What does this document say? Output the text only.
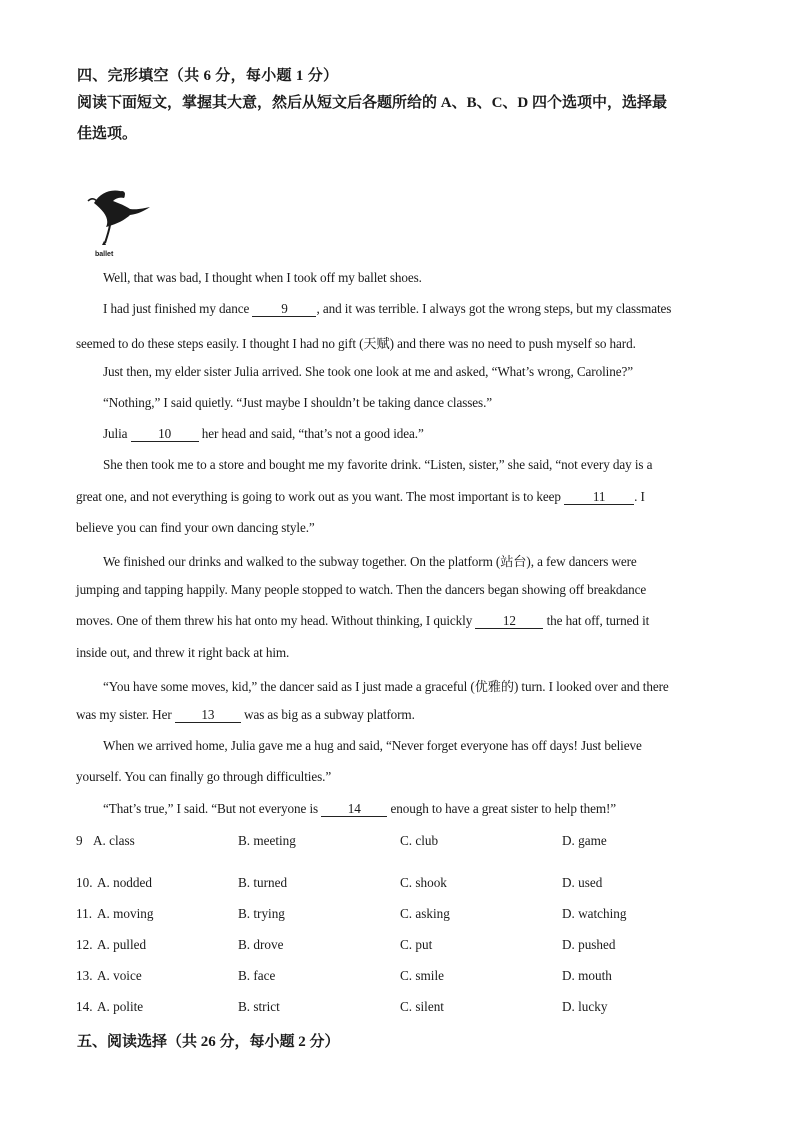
四、完形填空（共 6 分，每小题 1 分）
阅读下面短文，掌握其大意，然后从短文后各题所给的 A、B、C、D 四个选项中，选择最
佳选项。
ballet
Well, that was bad, I thought when I took off my ballet shoes.
I had just finished my dance 9 , and it was terrible. I always got the wrong steps, but my classmates
seemed to do these steps easily. I thought I had no gift (天赋) and there was no need to push myself so hard.
Just then, my elder sister Julia arrived. She took one look at me and asked, “What’s wrong, Caroline?”
“Nothing,” I said quietly. “Just maybe I shouldn’t be taking dance classes.”
Julia 10 her head and said, “that’s not a good idea.”
She then took me to a store and bought me my favorite drink. “Listen, sister,” she said, “not every day is a
great one, and not everything is going to work out as you want. The most important is to keep 11 . I
believe you can find your own dancing style.”
We finished our drinks and walked to the subway together. On the platform (站台), a few dancers were
jumping and tapping happily. Many people stopped to watch. Then the dancers began showing off breakdance
moves. One of them threw his hat onto my head. Without thinking, I quickly 12 the hat off, turned it
inside out, and threw it right back at him.
“You have some moves, kid,” the dancer said as I just made a graceful (优雅的) turn. I looked over and there
was my sister. Her 13 was as big as a subway platform.
When we arrived home, Julia gave me a hug and said, “Never forget everyone has off days! Just believe
yourself. You can finally go through difficulties.”
“That’s true,” I said. “But not everyone is 14 enough to have a great sister to help them!”
9 A. class	B. meeting	C. club	D. game
10. A. nodded	B. turned	C. shook	D. used
11. A. moving	B. trying	C. asking	D. watching
12. A. pulled	B. drove	C. put	D. pushed
13. A. voice	B. face	C. smile	D. mouth
14. A. polite	B. strict	C. silent	D. lucky
五、阅读选择（共 26 分，每小题 2 分）
